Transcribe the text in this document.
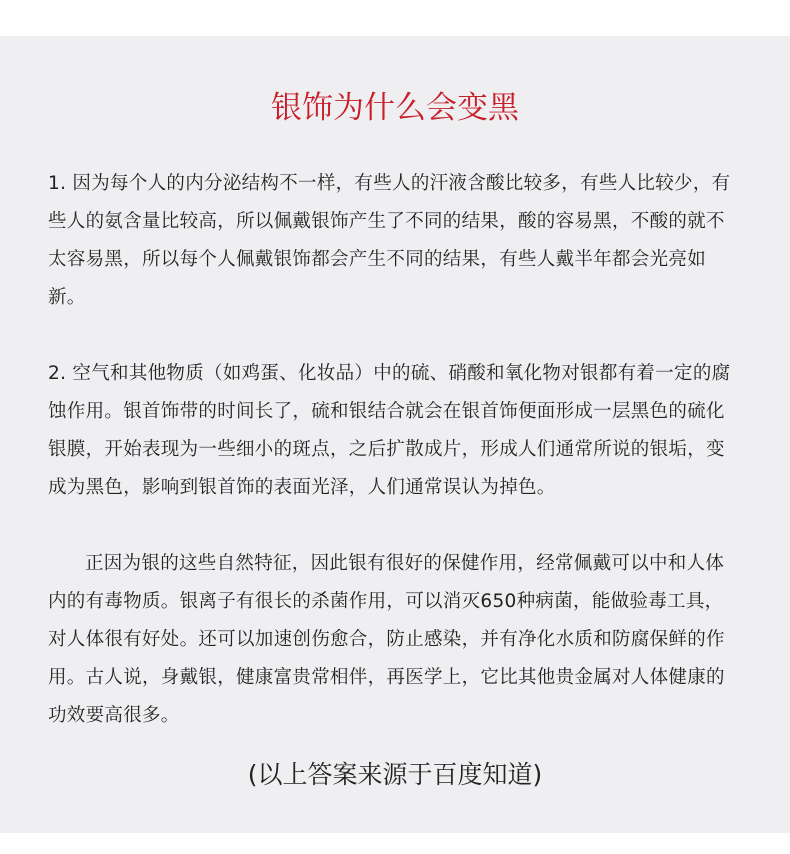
银饰为什么会变黑

1. 因为每个人的内分泌结构不一样，有些人的汗液含酸比较多，有些人比较少，有些人的氨含量比较高，所以佩戴银饰产生了不同的结果，酸的容易黑，不酸的就不太容易黑，所以每个人佩戴银饰都会产生不同的结果，有些人戴半年都会光亮如新。

2. 空气和其他物质（如鸡蛋、化妆品）中的硫、硝酸和氧化物对银都有着一定的腐蚀作用。银首饰带的时间长了，硫和银结合就会在银首饰便面形成一层黑色的硫化银膜，开始表现为一些细小的斑点，之后扩散成片，形成人们通常所说的银垢，变成为黑色，影响到银首饰的表面光泽，人们通常误认为掉色。

正因为银的这些自然特征，因此银有很好的保健作用，经常佩戴可以中和人体内的有毒物质。银离子有很长的杀菌作用，可以消灭650种病菌，能做验毒工具，对人体很有好处。还可以加速创伤愈合，防止感染，并有净化水质和防腐保鲜的作用。古人说，身戴银，健康富贵常相伴，再医学上，它比其他贵金属对人体健康的功效要高很多。

(以上答案来源于百度知道)
